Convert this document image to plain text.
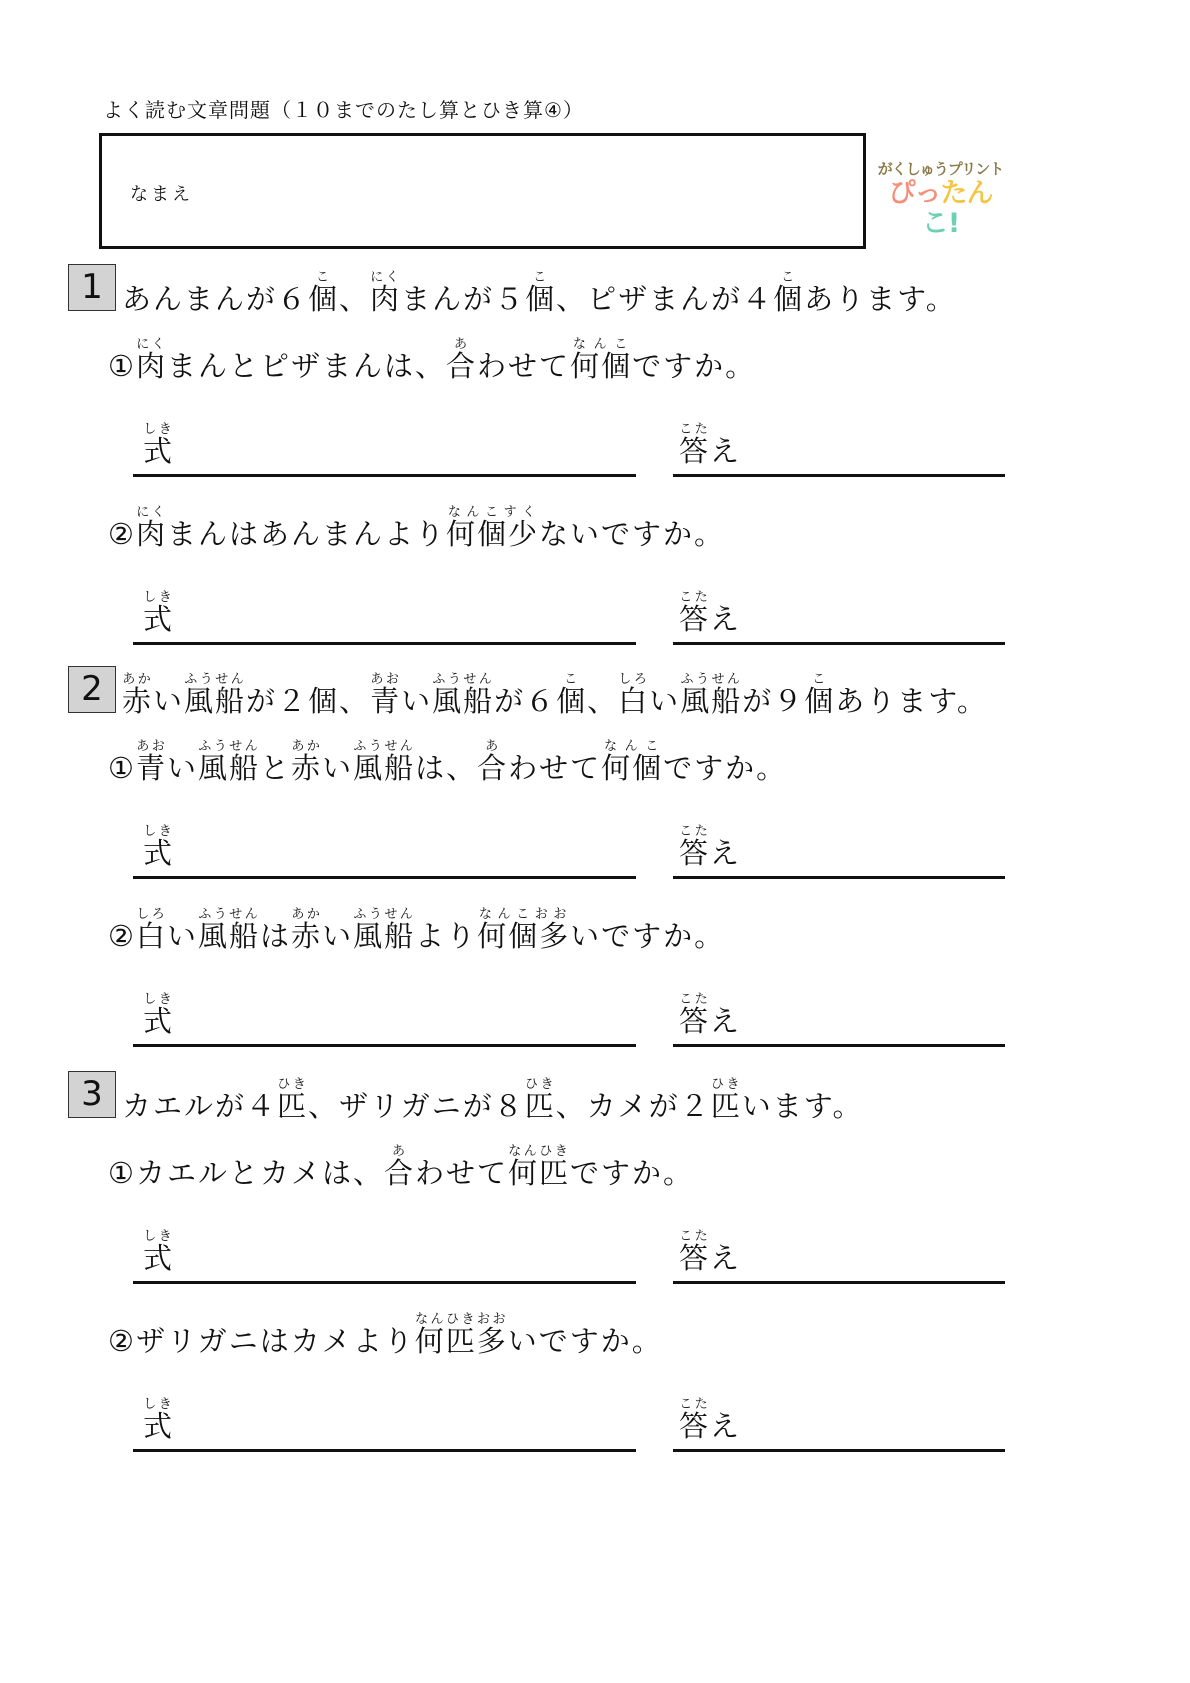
よく読む文章問題（１０までのたし算とひき算④）
なまえ
がくしゅうプリント
ぴったんこ!
1 あんまんが６個こ、肉にくまんが５個こ、ピザまんが４個こあります。
①肉にくまんとピザまんは、合あわせて何個なんこですか。
式しき
答こたえ
②肉にくまんはあんまんより何個少なんこすくないですか。
式しき
答こたえ
2 赤あかい風船ふうせんが２個、青あおい風船ふうせんが６個こ、白しろい風船ふうせんが９個こあります。
①青あおい風船ふうせんと赤あかい風船ふうせんは、合あわせて何個なんこですか。
式しき
答こたえ
②白しろい風船ふうせんは赤あかい風船ふうせんより何個多なんこおおいですか。
式しき
答こたえ
3 カエルが４匹ひき、ザリガニが８匹ひき、カメが２匹ひきいます。
①カエルとカメは、合あわせて何匹なんひきですか。
式しき
答こたえ
②ザリガニはカメより何匹多なんひきおおいですか。
式しき
答こたえ
